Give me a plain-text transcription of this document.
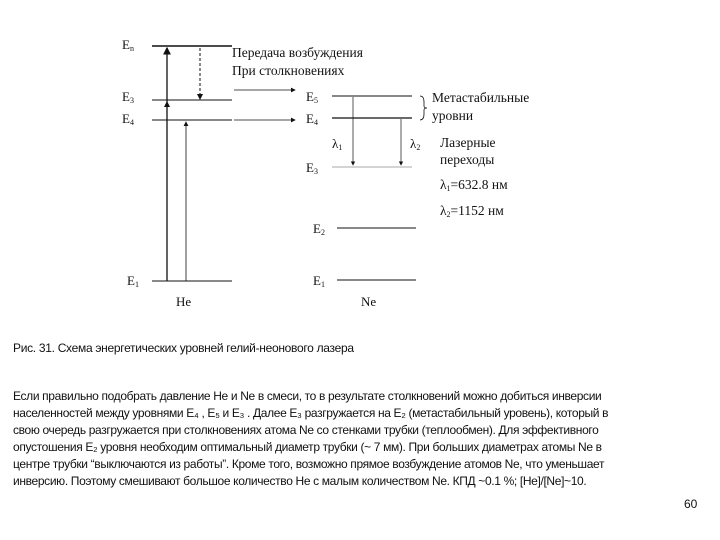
En
E3
E4
E1
He
E5
E4
E3
E2
E1
Ne
λ1	λ2
Передача возбуждения
При столкновениях
Метастабильные
уровни
Лазерные
переходы
λ1=632.8 нм
λ2=1152 нм
Рис. 31. Схема энергетических уровней гелий-неонового лазера
Если правильно подобрать давление He и Ne в смеси, то в результате столкновений можно добиться инверсии
населенностей между уровнями E₄ , E₅ и E₃ . Далее E₃ разгружается на E₂ (метастабильный уровень), который в
свою очередь разгружается при столкновениях атома Ne со стенками трубки (теплообмен). Для эффективного
опустошения E₂ уровня необходим оптимальный диаметр трубки (~ 7 мм). При больших диаметрах атомы Ne в
центре трубки “выключаются из работы”. Кроме того, возможно прямое возбуждение атомов Ne, что уменьшает
инверсию. Поэтому смешивают большое количество He с малым количеством Ne. КПД ~0.1 %; [He]/[Ne]~10.
60
